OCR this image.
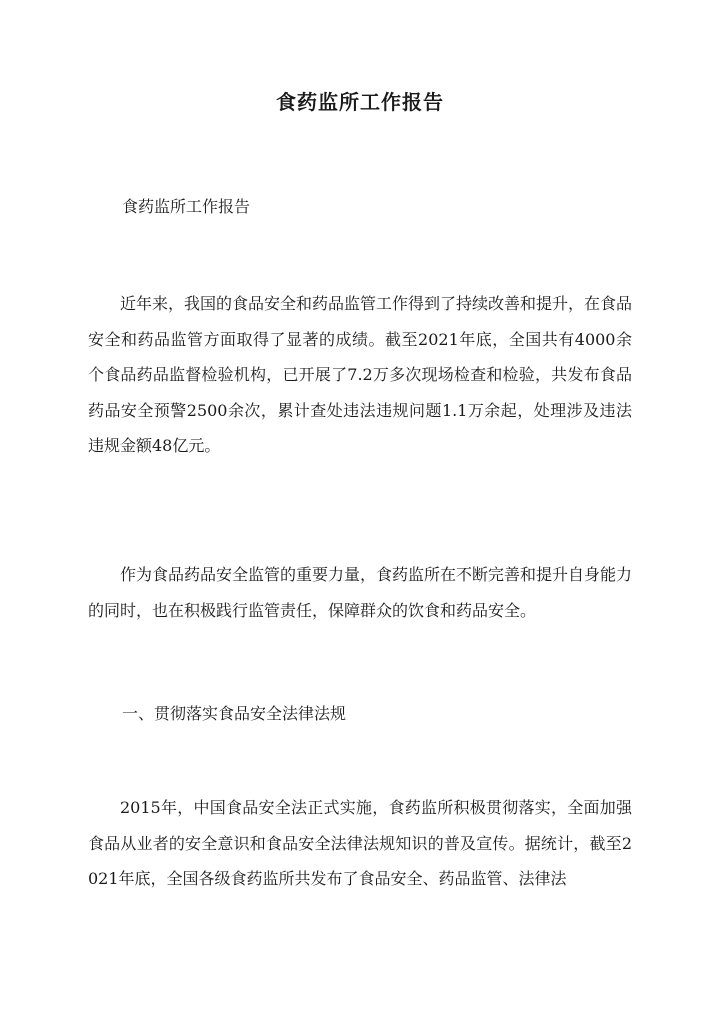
食药监所工作报告

食药监所工作报告

近年来，我国的食品安全和药品监管工作得到了持续改善和提升，在食品安全和药品监管方面取得了显著的成绩。截至2021年底，全国共有4000余个食品药品监督检验机构，已开展了7.2万多次现场检查和检验，共发布食品药品安全预警2500余次，累计查处违法违规问题1.1万余起，处理涉及违法违规金额48亿元。

作为食品药品安全监管的重要力量，食药监所在不断完善和提升自身能力的同时，也在积极践行监管责任，保障群众的饮食和药品安全。

一、贯彻落实食品安全法律法规

2015年，中国食品安全法正式实施，食药监所积极贯彻落实，全面加强食品从业者的安全意识和食品安全法律法规知识的普及宣传。据统计，截至2021年底，全国各级食药监所共发布了食品安全、药品监管、法律法
